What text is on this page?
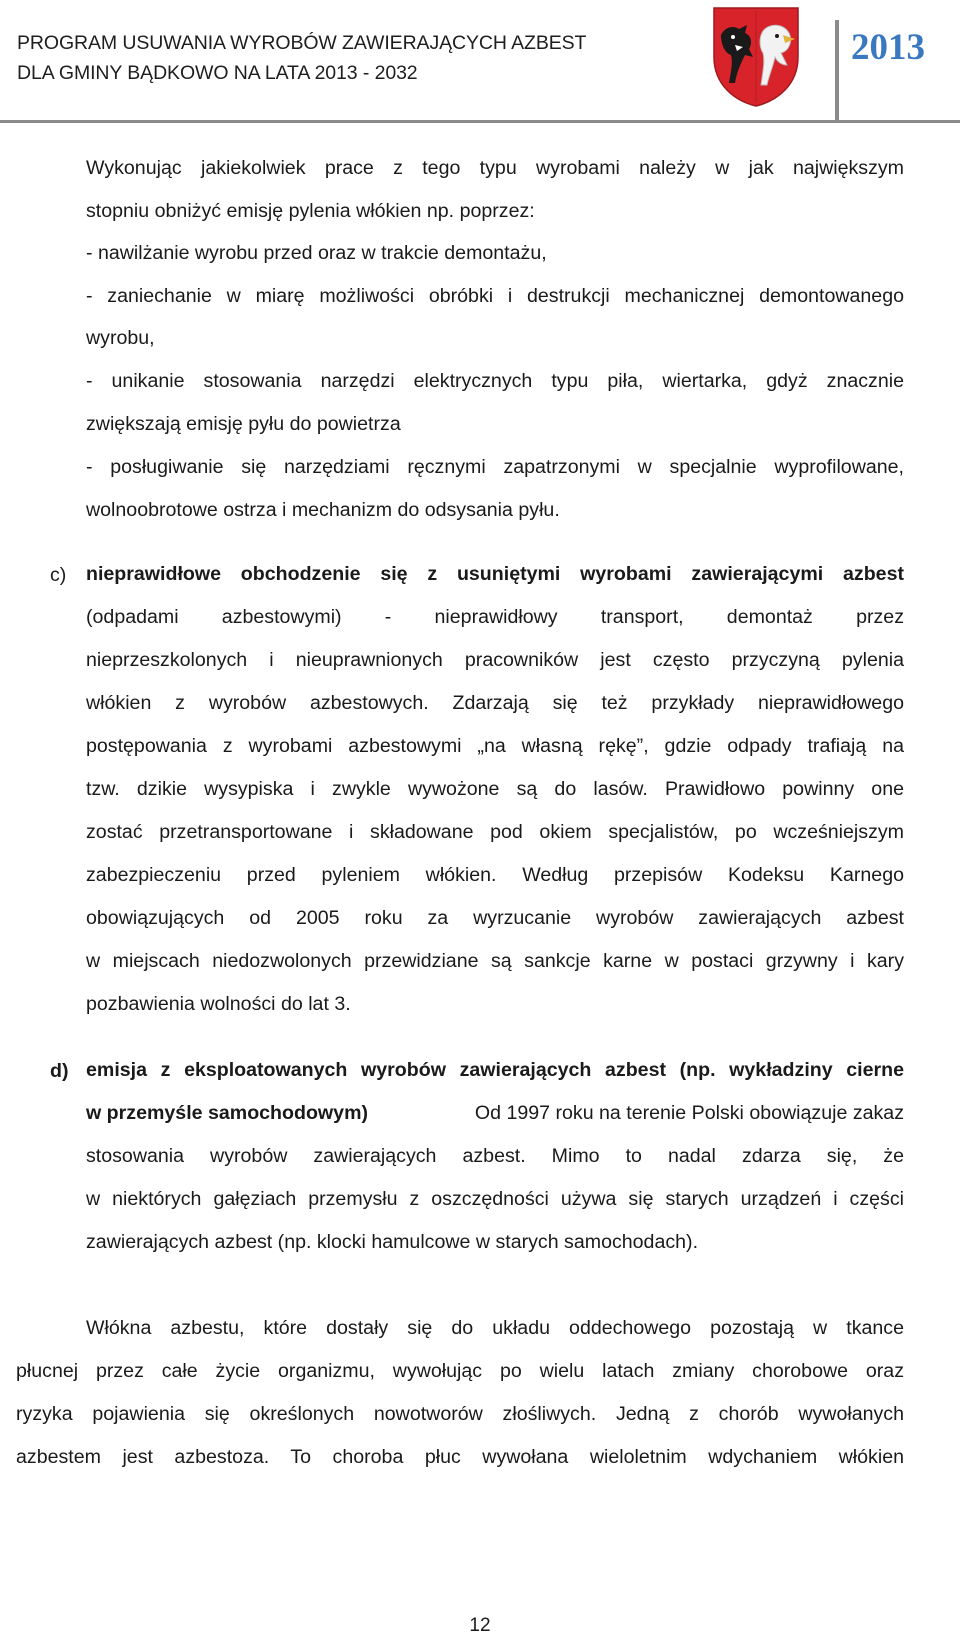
PROGRAM USUWANIA WYROBÓW ZAWIERAJĄCYCH AZBEST
DLA GMINY BĄDKOWO NA LATA 2013 - 2032
2013
Wykonując jakiekolwiek prace z tego typu wyrobami należy w jak największym
stopniu obniżyć emisję pylenia włókien np. poprzez:
- nawilżanie wyrobu przed oraz w trakcie demontażu,
- zaniechanie w miarę możliwości obróbki i destrukcji mechanicznej demontowanego
wyrobu,
- unikanie stosowania narzędzi elektrycznych typu piła, wiertarka, gdyż znacznie
zwiększają emisję pyłu do powietrza
- posługiwanie się narzędziami ręcznymi zapatrzonymi w specjalnie wyprofilowane,
wolnoobrotowe ostrza i mechanizm do odsysania pyłu.
c) nieprawidłowe obchodzenie się z usuniętymi wyrobami zawierającymi azbest
(odpadami azbestowymi) - nieprawidłowy transport, demontaż przez
nieprzeszkolonych i nieuprawnionych pracowników jest często przyczyną pylenia
włókien z wyrobów azbestowych. Zdarzają się też przykłady nieprawidłowego
postępowania z wyrobami azbestowymi „na własną rękę”, gdzie odpady trafiają na
tzw. dzikie wysypiska i zwykle wywożone są do lasów. Prawidłowo powinny one
zostać przetransportowane i składowane pod okiem specjalistów, po wcześniejszym
zabezpieczeniu przed pyleniem włókien. Według przepisów Kodeksu Karnego
obowiązujących od 2005 roku za wyrzucanie wyrobów zawierających azbest
w miejscach niedozwolonych przewidziane są sankcje karne w postaci grzywny i kary
pozbawienia wolności do lat 3.
d) emisja z eksploatowanych wyrobów zawierających azbest (np. wykładziny cierne
w przemyśle samochodowym)	Od 1997 roku na terenie Polski obowiązuje zakaz
stosowania wyrobów zawierających azbest. Mimo to nadal zdarza się, że
w niektórych gałęziach przemysłu z oszczędności używa się starych urządzeń i części
zawierających azbest (np. klocki hamulcowe w starych samochodach).
Włókna azbestu, które dostały się do układu oddechowego pozostają w tkance
płucnej przez całe życie organizmu, wywołując po wielu latach zmiany chorobowe oraz
ryzyka pojawienia się określonych nowotworów złośliwych. Jedną z chorób wywołanych
azbestem jest azbestoza. To choroba płuc wywołana wieloletnim wdychaniem włókien
12
